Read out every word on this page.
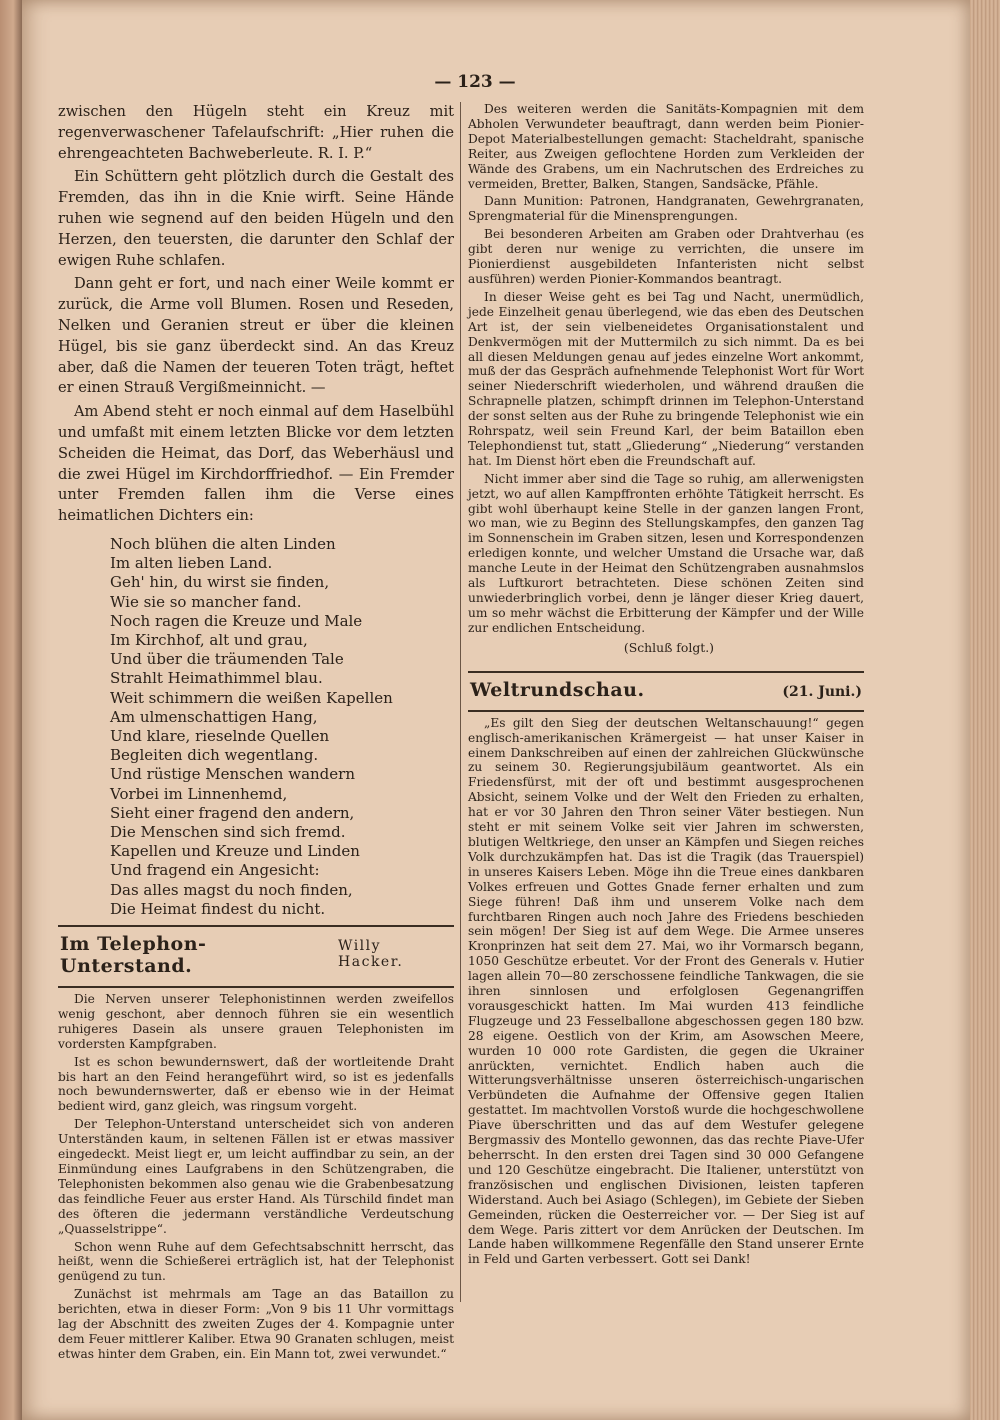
— 123 —

zwischen den Hügeln steht ein Kreuz mit regenverwaschener Tafelaufschrift: „Hier ruhen die ehrengeachteten Bachweberleute. R. I. P.“

Ein Schüttern geht plötzlich durch die Gestalt des Fremden, das ihn in die Knie wirft. Seine Hände ruhen wie segnend auf den beiden Hügeln und den Herzen, den teuersten, die darunter den Schlaf der ewigen Ruhe schlafen.

Dann geht er fort, und nach einer Weile kommt er zurück, die Arme voll Blumen. Rosen und Reseden, Nelken und Geranien streut er über die kleinen Hügel, bis sie ganz überdeckt sind. An das Kreuz aber, daß die Namen der teueren Toten trägt, heftet er einen Strauß Vergißmeinnicht. —

Am Abend steht er noch einmal auf dem Haselbühl und umfaßt mit einem letzten Blicke vor dem letzten Scheiden die Heimat, das Dorf, das Weberhäusl und die zwei Hügel im Kirchdorffriedhof. — Ein Fremder unter Fremden fallen ihm die Verse eines heimatlichen Dichters ein:

Noch blühen die alten Linden
Im alten lieben Land.
Geh' hin, du wirst sie finden,
Wie sie so mancher fand.
Noch ragen die Kreuze und Male
Im Kirchhof, alt und grau,
Und über die träumenden Tale
Strahlt Heimathimmel blau.
Weit schimmern die weißen Kapellen
Am ulmenschattigen Hang,
Und klare, rieselnde Quellen
Begleiten dich wegentlang.
Und rüstige Menschen wandern
Vorbei im Linnenhemd,
Sieht einer fragend den andern,
Die Menschen sind sich fremd.
Kapellen und Kreuze und Linden
Und fragend ein Angesicht:
Das alles magst du noch finden,
Die Heimat findest du nicht.
Im Telephon-Unterstand.
Willy Hacker.

Die Nerven unserer Telephonistinnen werden zweifellos wenig geschont, aber dennoch führen sie ein wesentlich ruhigeres Dasein als unsere grauen Telephonisten im vordersten Kampfgraben.

Ist es schon bewundernswert, daß der wortleitende Draht bis hart an den Feind herangeführt wird, so ist es jedenfalls noch bewundernswerter, daß er ebenso wie in der Heimat bedient wird, ganz gleich, was ringsum vorgeht.

Der Telephon-Unterstand unterscheidet sich von anderen Unterständen kaum, in seltenen Fällen ist er etwas massiver eingedeckt. Meist liegt er, um leicht auffindbar zu sein, an der Einmündung eines Laufgrabens in den Schützengraben, die Telephonisten bekommen also genau wie die Grabenbesatzung das feindliche Feuer aus erster Hand. Als Türschild findet man des öfteren die jedermann verständliche Verdeutschung „Quasselstrippe“.

Schon wenn Ruhe auf dem Gefechtsabschnitt herrscht, das heißt, wenn die Schießerei erträglich ist, hat der Telephonist genügend zu tun.

Zunächst ist mehrmals am Tage an das Bataillon zu berichten, etwa in dieser Form: „Von 9 bis 11 Uhr vormittags lag der Abschnitt des zweiten Zuges der 4. Kompagnie unter dem Feuer mittlerer Kaliber. Etwa 90 Granaten schlugen, meist etwas hinter dem Graben, ein. Ein Mann tot, zwei verwundet.“

Des weiteren werden die Sanitäts-Kompagnien mit dem Abholen Verwundeter beauftragt, dann werden beim Pionier-Depot Materialbestellungen gemacht: Stacheldraht, spanische Reiter, aus Zweigen geflochtene Horden zum Verkleiden der Wände des Grabens, um ein Nachrutschen des Erdreiches zu vermeiden, Bretter, Balken, Stangen, Sandsäcke, Pfähle.

Dann Munition: Patronen, Handgranaten, Gewehrgranaten, Sprengmaterial für die Minensprengungen.

Bei besonderen Arbeiten am Graben oder Drahtverhau (es gibt deren nur wenige zu verrichten, die unsere im Pionierdienst ausgebildeten Infanteristen nicht selbst ausführen) werden Pionier-Kommandos beantragt.

In dieser Weise geht es bei Tag und Nacht, unermüdlich, jede Einzelheit genau überlegend, wie das eben des Deutschen Art ist, der sein vielbeneidetes Organisationstalent und Denkvermögen mit der Muttermilch zu sich nimmt. Da es bei all diesen Meldungen genau auf jedes einzelne Wort ankommt, muß der das Gespräch aufnehmende Telephonist Wort für Wort seiner Niederschrift wiederholen, und während draußen die Schrapnelle platzen, schimpft drinnen im Telephon-Unterstand der sonst selten aus der Ruhe zu bringende Telephonist wie ein Rohrspatz, weil sein Freund Karl, der beim Bataillon eben Telephondienst tut, statt „Gliederung“ „Niederung“ verstanden hat. Im Dienst hört eben die Freundschaft auf.

Nicht immer aber sind die Tage so ruhig, am allerwenigsten jetzt, wo auf allen Kampffronten erhöhte Tätigkeit herrscht. Es gibt wohl überhaupt keine Stelle in der ganzen langen Front, wo man, wie zu Beginn des Stellungskampfes, den ganzen Tag im Sonnenschein im Graben sitzen, lesen und Korrespondenzen erledigen konnte, und welcher Umstand die Ursache war, daß manche Leute in der Heimat den Schützengraben ausnahmslos als Luftkurort betrachteten. Diese schönen Zeiten sind unwiederbringlich vorbei, denn je länger dieser Krieg dauert, um so mehr wächst die Erbitterung der Kämpfer und der Wille zur endlichen Entscheidung.

(Schluß folgt.)
Weltrundschau.	(21. Juni.)

„Es gilt den Sieg der deutschen Weltanschauung!“ gegen englisch-amerikanischen Krämergeist — hat unser Kaiser in einem Dankschreiben auf einen der zahlreichen Glückwünsche zu seinem 30. Regierungsjubiläum geantwortet. Als ein Friedensfürst, mit der oft und bestimmt ausgesprochenen Absicht, seinem Volke und der Welt den Frieden zu erhalten, hat er vor 30 Jahren den Thron seiner Väter bestiegen. Nun steht er mit seinem Volke seit vier Jahren im schwersten, blutigen Weltkriege, den unser an Kämpfen und Siegen reiches Volk durchzukämpfen hat. Das ist die Tragik (das Trauerspiel) in unseres Kaisers Leben. Möge ihn die Treue eines dankbaren Volkes erfreuen und Gottes Gnade ferner erhalten und zum Siege führen! Daß ihm und unserem Volke nach dem furchtbaren Ringen auch noch Jahre des Friedens beschieden sein mögen! Der Sieg ist auf dem Wege. Die Armee unseres Kronprinzen hat seit dem 27. Mai, wo ihr Vormarsch begann, 1050 Geschütze erbeutet. Vor der Front des Generals v. Hutier lagen allein 70—80 zerschossene feindliche Tankwagen, die sie ihren sinnlosen und erfolglosen Gegenangriffen vorausgeschickt hatten. Im Mai wurden 413 feindliche Flugzeuge und 23 Fesselballone abgeschossen gegen 180 bzw. 28 eigene. Oestlich von der Krim, am Asowschen Meere, wurden 10 000 rote Gardisten, die gegen die Ukrainer anrückten, vernichtet. Endlich haben auch die Witterungsverhältnisse unseren österreichisch-ungarischen Verbündeten die Aufnahme der Offensive gegen Italien gestattet. Im machtvollen Vorstoß wurde die hochgeschwollene Piave überschritten und das auf dem Westufer gelegene Bergmassiv des Montello gewonnen, das das rechte Piave-Ufer beherrscht. In den ersten drei Tagen sind 30 000 Gefangene und 120 Geschütze eingebracht. Die Italiener, unterstützt von französischen und englischen Divisionen, leisten tapferen Widerstand. Auch bei Asiago (Schlegen), im Gebiete der Sieben Gemeinden, rücken die Oesterreicher vor. — Der Sieg ist auf dem Wege. Paris zittert vor dem Anrücken der Deutschen. Im Lande haben willkommene Regenfälle den Stand unserer Ernte in Feld und Garten verbessert. Gott sei Dank!
